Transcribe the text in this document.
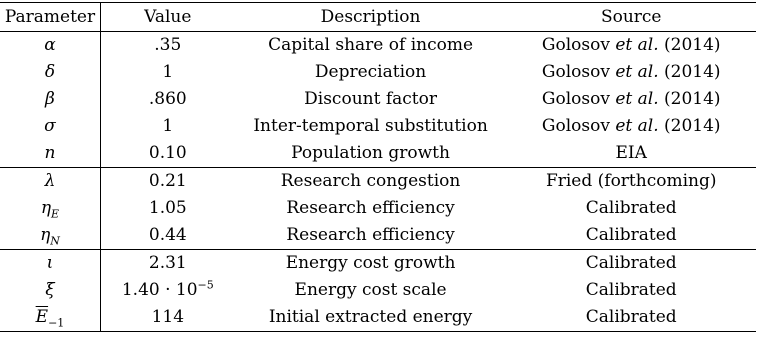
Parameter	Value	Description	Source
α	.35	Capital share of income	Golosov et al. (2014)
δ	1	Depreciation	Golosov et al. (2014)
β	.860	Discount factor	Golosov et al. (2014)
σ	1	Inter-temporal substitution	Golosov et al. (2014)
n	0.10	Population growth	EIA
λ	0.21	Research congestion	Fried (forthcoming)
$\eta_E$	1.05	Research efficiency	Calibrated
$\eta_N$	0.44	Research efficiency	Calibrated
ι	2.31	Energy cost growth	Calibrated
ξ	$1.40 \cdot 10^{-5}$	Energy cost scale	Calibrated
$\overline{E}_{-1}$	114	Initial extracted energy	Calibrated
